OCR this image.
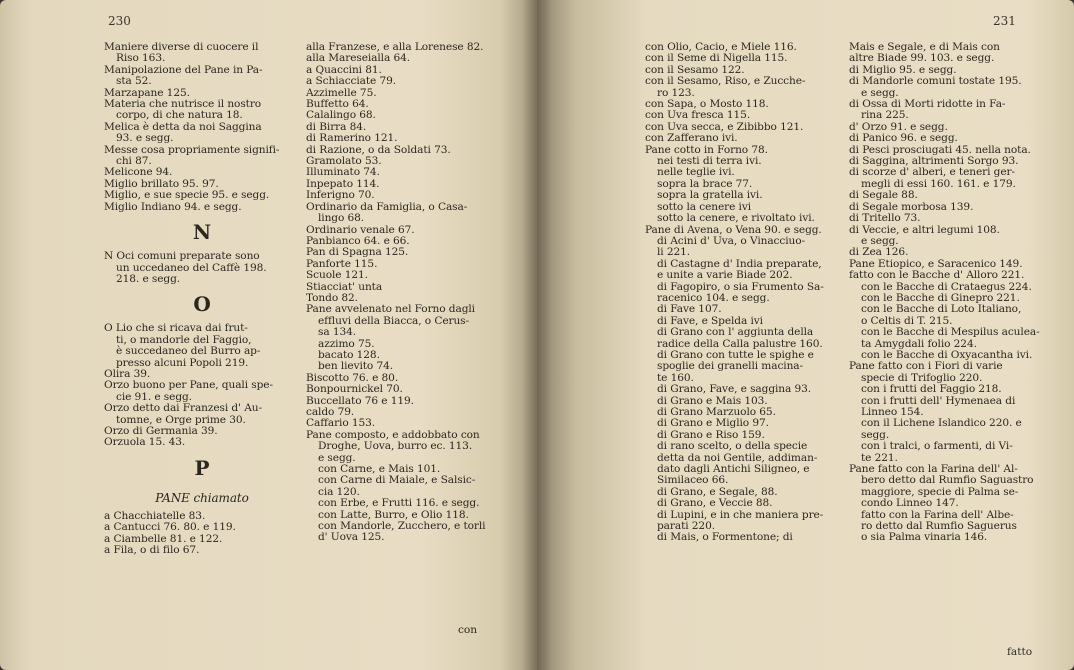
230
Maniere diverse di cuocere il
Riso 163.
Manipolazione del Pane in Pa-
sta 52.
Marzapane 125.
Materia che nutrisce il nostro
corpo, di che natura 18.
Melica è detta da noi Saggina
93. e segg.
Messe cosa propriamente signifi-
chi 87.
Melicone 94.
Miglio brillato 95. 97.
Miglio, e sue specie 95. e segg.
Miglio Indiano 94. e segg.
N
N Oci comuni preparate sono
un uccedaneo del Caffè 198.
218. e segg.
O
O Lio che si ricava dai frut-
ti, o mandorle del Faggio,
è succedaneo del Burro ap-
presso alcuni Popoli 219.
Olira 39.
Orzo buono per Pane, quali spe-
cie 91. e segg.
Orzo detto dai Franzesi d' Au-
tomne, e Orge prime 30.
Orzo di Germania 39.
Orzuola 15. 43.
P
PANE chiamato
a Chacchiatelle 83.
a Cantucci 76. 80. e 119.
a Ciambelle 81. e 122.
a Fila, o di filo 67.
alla Franzese, e alla Lorenese 82.
alla Mareseialla 64.
a Quaccini 81.
a Schiacciate 79.
Azzimelle 75.
Buffetto 64.
Calalingo 68.
di Birra 84.
di Ramerino 121.
di Razione, o da Soldati 73.
Gramolato 53.
Illuminato 74.
Inpepato 114.
Inferigno 70.
Ordinario da Famiglia, o Casa-
lingo 68.
Ordinario venale 67.
Panbianco 64. e 66.
Pan di Spagna 125.
Panforte 115.
Scuole 121.
Stiacciat' unta
Tondo 82.
Pane avvelenato nel Forno dagli
effluvi della Biacca, o Cerus-
sa 134.
azzimo 75.
bacato 128.
ben lievito 74.
Biscotto 76. e 80.
Bonpournickel 70.
Buccellato 76 e 119.
caldo 79.
Caffario 153.
Pane composto, e addobbato con
Droghe, Uova, burro ec. 113.
e segg.
con Carne, e Mais 101.
con Carne di Maiale, e Salsic-
cia 120.
con Erbe, e Frutti 116. e segg.
con Latte, Burro, e Olio 118.
con Mandorle, Zucchero, e torli
d' Uova 125.
con
231
con Olio, Cacio, e Miele 116.
con il Seme di Nigella 115.
con il Sesamo 122.
con il Sesamo, Riso, e Zucche-
ro 123.
con Sapa, o Mosto 118.
con Uva fresca 115.
con Uva secca, e Zibibbo 121.
con Zafferano ivi.
Pane cotto in Forno 78.
nei testi di terra ivi.
nelle teglie ivi.
sopra la brace 77.
sopra la gratella ivi.
sotto la cenere ivi
sotto la cenere, e rivoltato ivi.
Pane di Avena, o Vena 90. e segg.
di Acini d' Uva, o Vinacciuo-
li 221.
di Castagne d' India preparate,
e unite a varie Biade 202.
di Fagopiro, o sia Frumento Sa-
racenico 104. e segg.
di Fave 107.
di Fave, e Spelda ivi
di Grano con l' aggiunta della
radice della Calla palustre 160.
di Grano con tutte le spighe e
spoglie dei granelli macina-
te 160.
di Grano, Fave, e saggina 93.
di Grano e Mais 103.
di Grano Marzuolo 65.
di Grano e Miglio 97.
di Grano e Riso 159.
di rano scelto, o della specie
detta da noi Gentile, addiman-
dato dagli Antichi Siligneo, e
Similaceo 66.
di Grano, e Segale, 88.
di Grano, e Veccie 88.
di Lupini, e in che maniera pre-
parati 220.
di Mais, o Formentone; di
Mais e Segale, e di Mais con
altre Biade 99. 103. e segg.
di Miglio 95. e segg.
di Mandorle comuni tostate 195.
e segg.
di Ossa di Morti ridotte in Fa-
rina 225.
d' Orzo 91. e segg.
di Panico 96. e segg.
di Pesci prosciugati 45. nella nota.
di Saggina, altrimenti Sorgo 93.
di scorze d' alberi, e teneri ger-
megli di essi 160. 161. e 179.
di Segale 88.
di Segale morbosa 139.
di Tritello 73.
di Veccie, e altri legumi 108.
e segg.
di Zea 126.
Pane Etiopico, e Saracenico 149.
fatto con le Bacche d' Alloro 221.
con le Bacche di Crataegus 224.
con le Bacche di Ginepro 221.
con le Bacche di Loto Italiano,
o Celtis di T. 215.
con le Bacche di Mespilus aculea-
ta Amygdali folio 224.
con le Bacche di Oxyacantha ivi.
Pane fatto con i Fiori di varie
specie di Trifoglio 220.
con i frutti del Faggio 218.
con i frutti dell' Hymenaea di
Linneo 154.
con il Lichene Islandico 220. e
segg.
con i tralci, o farmenti, di Vi-
te 221.
Pane fatto con la Farina dell' Al-
bero detto dal Rumfio Saguastro
maggiore, specie di Palma se-
condo Linneo 147.
fatto con la Farina dell' Albe-
ro detto dal Rumfio Saguerus
o sia Palma vinaria 146.
fatto
